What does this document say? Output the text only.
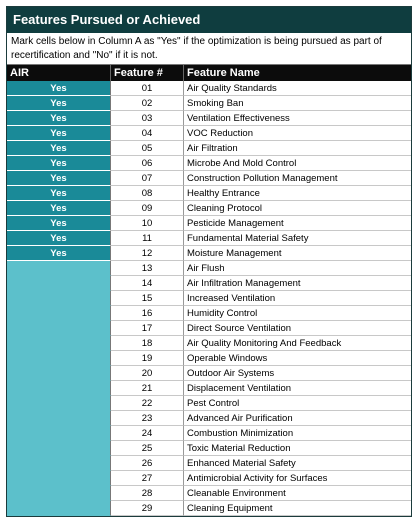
Features Pursued or Achieved
Mark cells below in Column A as "Yes" if the optimization is being pursued as part of recertification and "No" if it is not.
AIR	Feature #	Feature Name
Yes	01	Air Quality Standards
Yes	02	Smoking Ban
Yes	03	Ventilation Effectiveness
Yes	04	VOC Reduction
Yes	05	Air Filtration
Yes	06	Microbe And Mold Control
Yes	07	Construction Pollution Management
Yes	08	Healthy Entrance
Yes	09	Cleaning Protocol
Yes	10	Pesticide Management
Yes	11	Fundamental Material Safety
Yes	12	Moisture Management
13	Air Flush
14	Air Infiltration Management
15	Increased Ventilation
16	Humidity Control
17	Direct Source Ventilation
18	Air Quality Monitoring And Feedback
19	Operable Windows
20	Outdoor Air Systems
21	Displacement Ventilation
22	Pest Control
23	Advanced Air Purification
24	Combustion Minimization
25	Toxic Material Reduction
26	Enhanced Material Safety
27	Antimicrobial Activity for Surfaces
28	Cleanable Environment
29	Cleaning Equipment
